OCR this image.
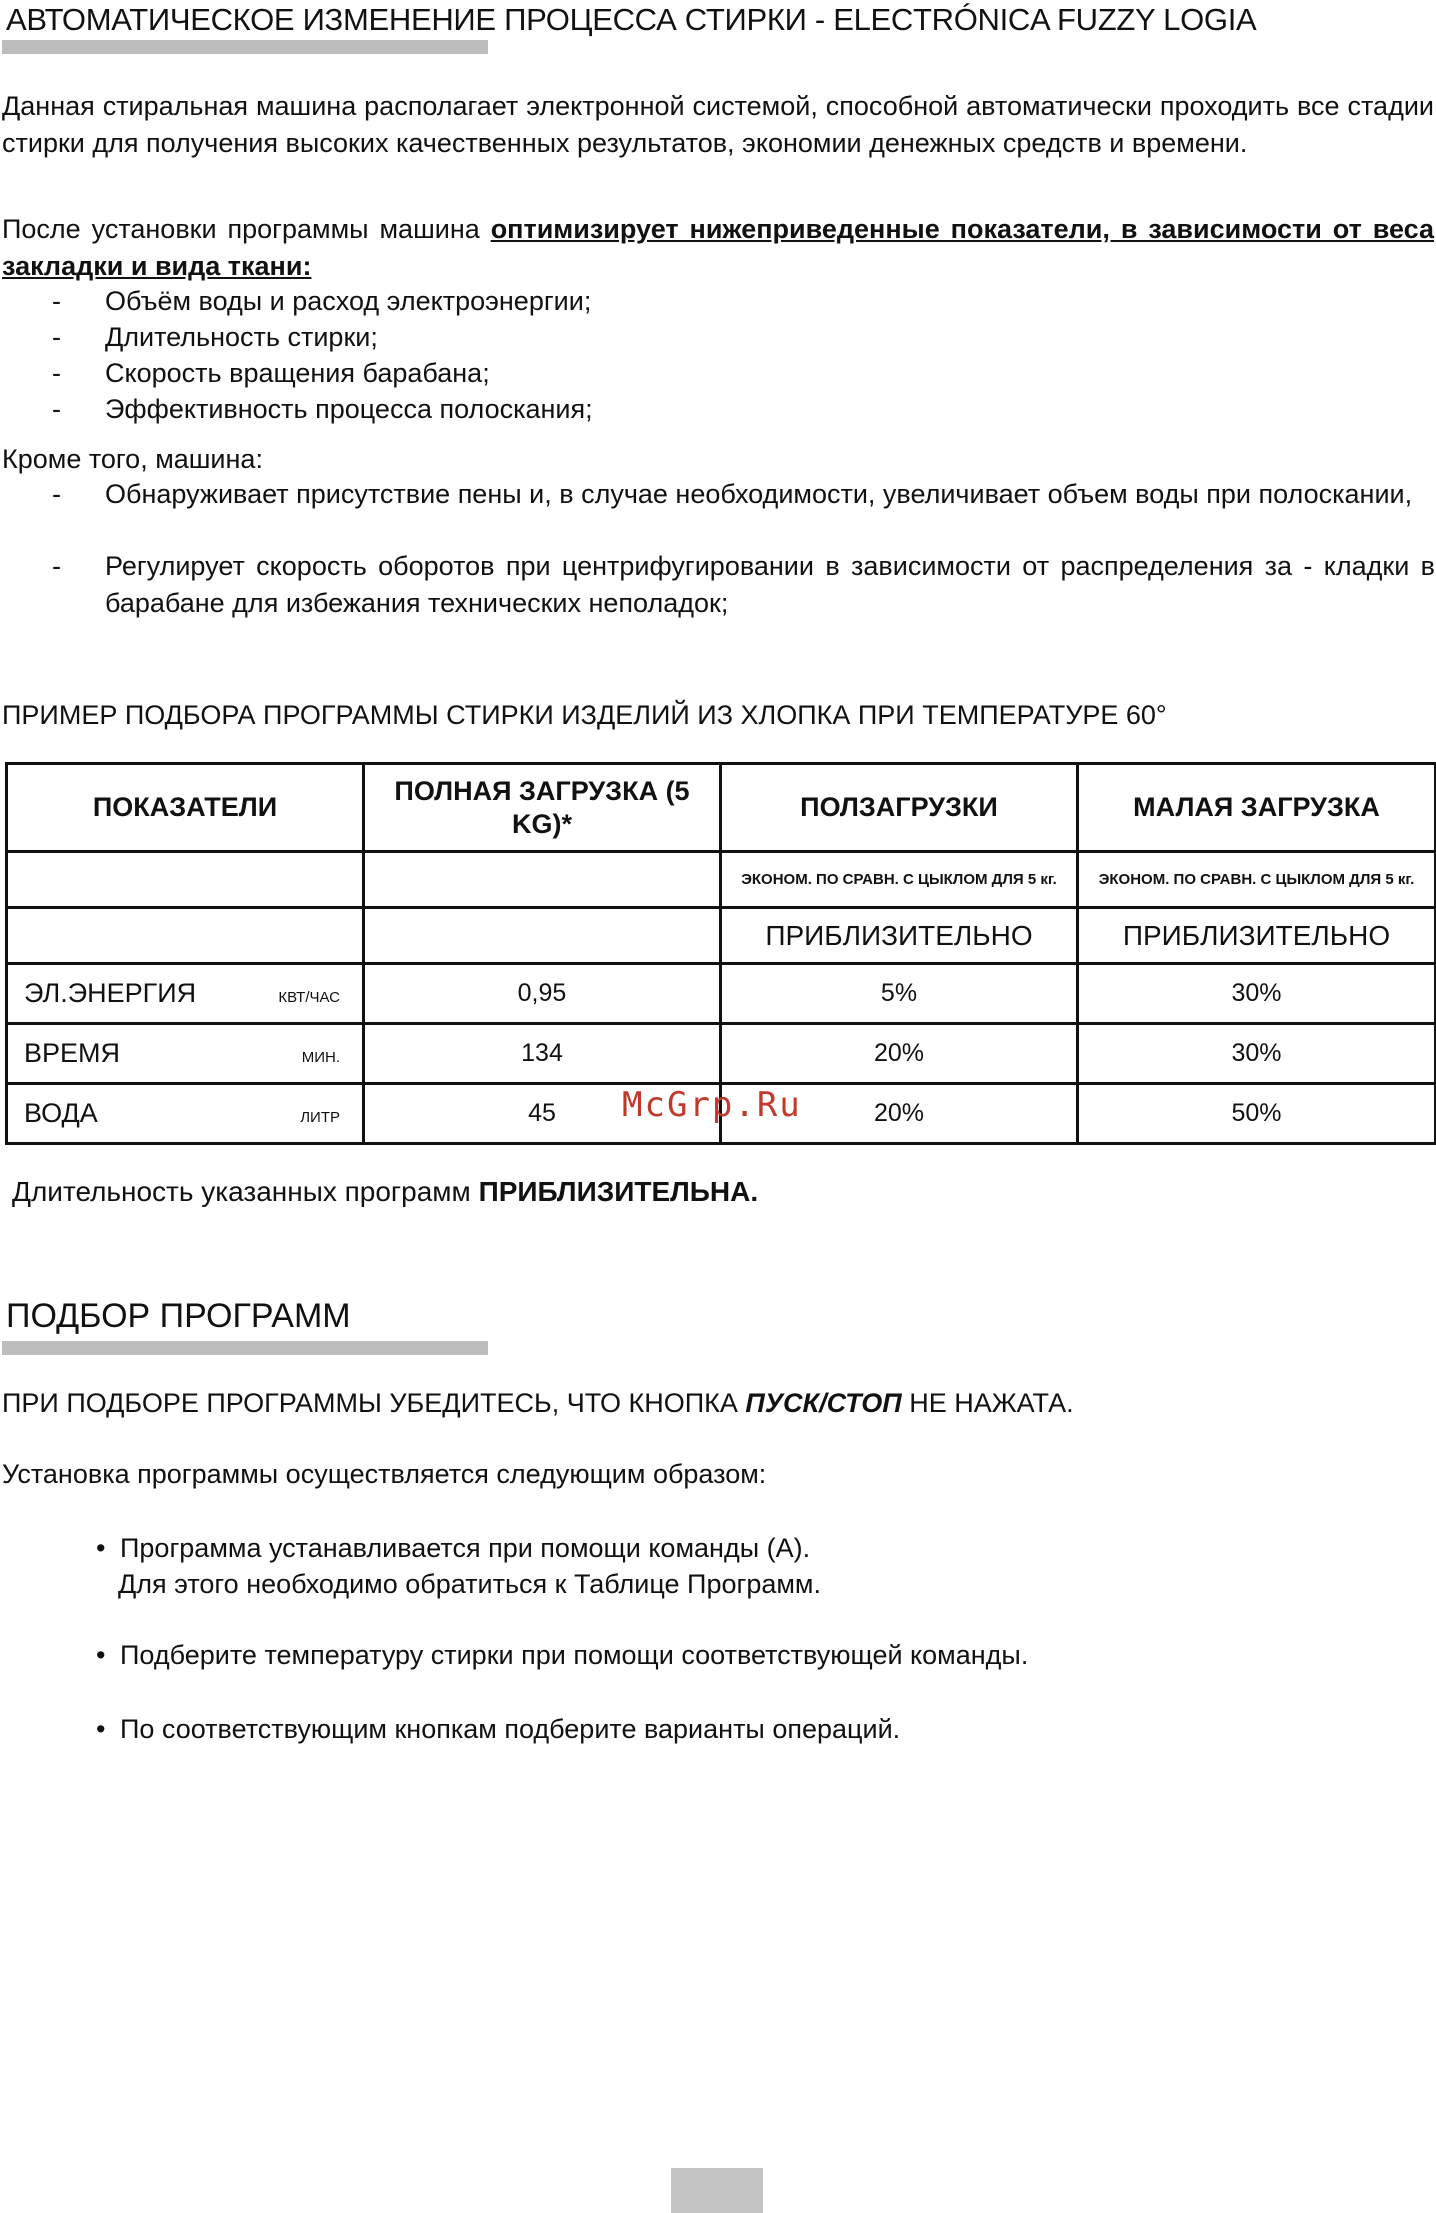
АВТОМАТИЧЕСКОЕ ИЗМЕНЕНИЕ ПРОЦЕССА СТИРКИ - ELECTRÓNICA FUZZY LOGIA
Данная стиральная машина располагает электронной системой, способной автоматически проходить все стадии стирки для получения высоких качественных результатов, экономии денежных средств и времени.
После установки программы машина оптимизирует нижеприведенные показатели, в зависимости от веса закладки и вида ткани:
- Объём воды и расход электроэнергии;
- Длительность стирки;
- Скорость вращения барабана;
- Эффективность процесса полоскания;
Кроме того, машина:
- Обнаруживает присутствие пены и, в случае необходимости, увеличивает объем воды при полоскании,
- Регулирует скорость оборотов при центрифугировании в зависимости от распределения за - кладки в барабане для избежания технических неполадок;
ПРИМЕР ПОДБОРА ПРОГРАММЫ СТИРКИ ИЗДЕЛИЙ ИЗ ХЛОПКА ПРИ ТЕМПЕРАТУРЕ 60°
ПОКАЗАТЕЛИ	ПОЛНАЯ ЗАГРУЗКА (5 KG)*	ПОЛЗАГРУЗКИ	МАЛАЯ ЗАГРУЗКА
		ЭКОНОМ. ПО СРАВН. С ЦЫКЛОМ ДЛЯ 5 кг.	ЭКОНОМ. ПО СРАВН. С ЦЫКЛОМ ДЛЯ 5 кг.
		ПРИБЛИЗИТЕЛЬНО	ПРИБЛИЗИТЕЛЬНО
ЭЛ.ЭНЕРГИЯ КВТ/ЧАС	0,95	5%	30%
ВРЕМЯ МИН.	134	20%	30%
ВОДА ЛИТР	45	20%	50%
McGrp.Ru
Длительность указанных программ ПРИБЛИЗИТЕЛЬНА.
ПОДБОР ПРОГРАММ
ПРИ ПОДБОРЕ ПРОГРАММЫ УБЕДИТЕСЬ, ЧТО КНОПКА ПУСК/СТОП НЕ НАЖАТА.
Установка программы осуществляется следующим образом:
• Программа устанавливается при помощи команды (A).
Для этого необходимо обратиться к Таблице Программ.
• Подберите температуру стирки при помощи соответствующей команды.
• По соответствующим кнопкам подберите варианты операций.
